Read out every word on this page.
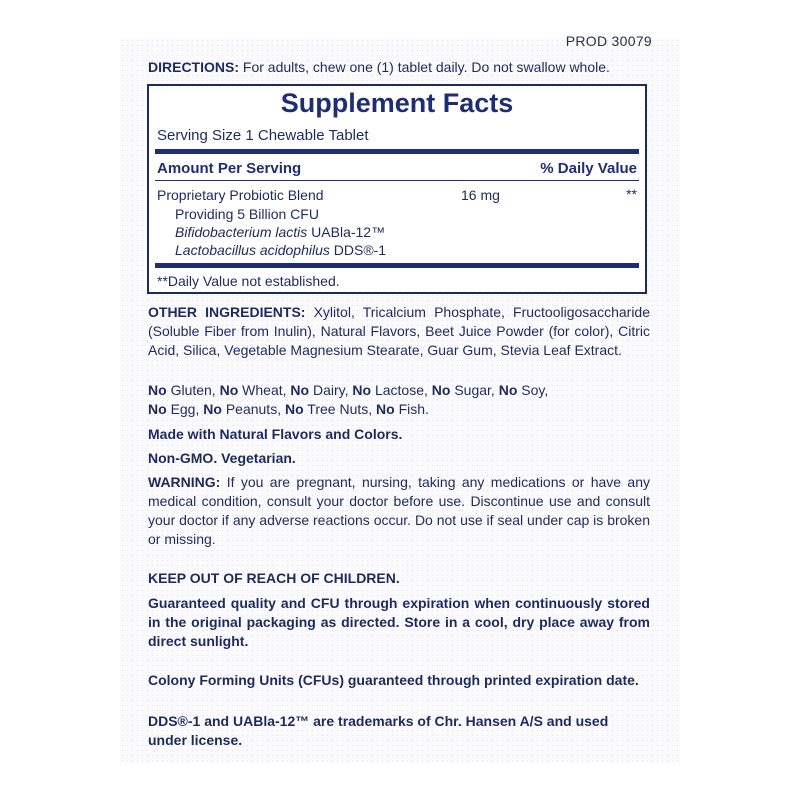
PROD 30079
DIRECTIONS: For adults, chew one (1) tablet daily. Do not swallow whole.
Supplement Facts
Serving Size 1 Chewable Tablet
Amount Per Serving	% Daily Value
Proprietary Probiotic Blend	16 mg	**
Providing 5 Billion CFU
Bifidobacterium lactis UABla-12™
Lactobacillus acidophilus DDS®-1
**Daily Value not established.
OTHER INGREDIENTS: Xylitol, Tricalcium Phosphate, Fructooligosaccharide (Soluble Fiber from Inulin), Natural Flavors, Beet Juice Powder (for color), Citric Acid, Silica, Vegetable Magnesium Stearate, Guar Gum, Stevia Leaf Extract.
No Gluten, No Wheat, No Dairy, No Lactose, No Sugar, No Soy,
No Egg, No Peanuts, No Tree Nuts, No Fish.
Made with Natural Flavors and Colors.
Non-GMO. Vegetarian.
WARNING: If you are pregnant, nursing, taking any medications or have any medical condition, consult your doctor before use. Discontinue use and consult your doctor if any adverse reactions occur. Do not use if seal under cap is broken or missing.
KEEP OUT OF REACH OF CHILDREN.
Guaranteed quality and CFU through expiration when continuously stored in the original packaging as directed. Store in a cool, dry place away from direct sunlight.
Colony Forming Units (CFUs) guaranteed through printed expiration date.
DDS®-1 and UABla-12™ are trademarks of Chr. Hansen A/S and used under license.
